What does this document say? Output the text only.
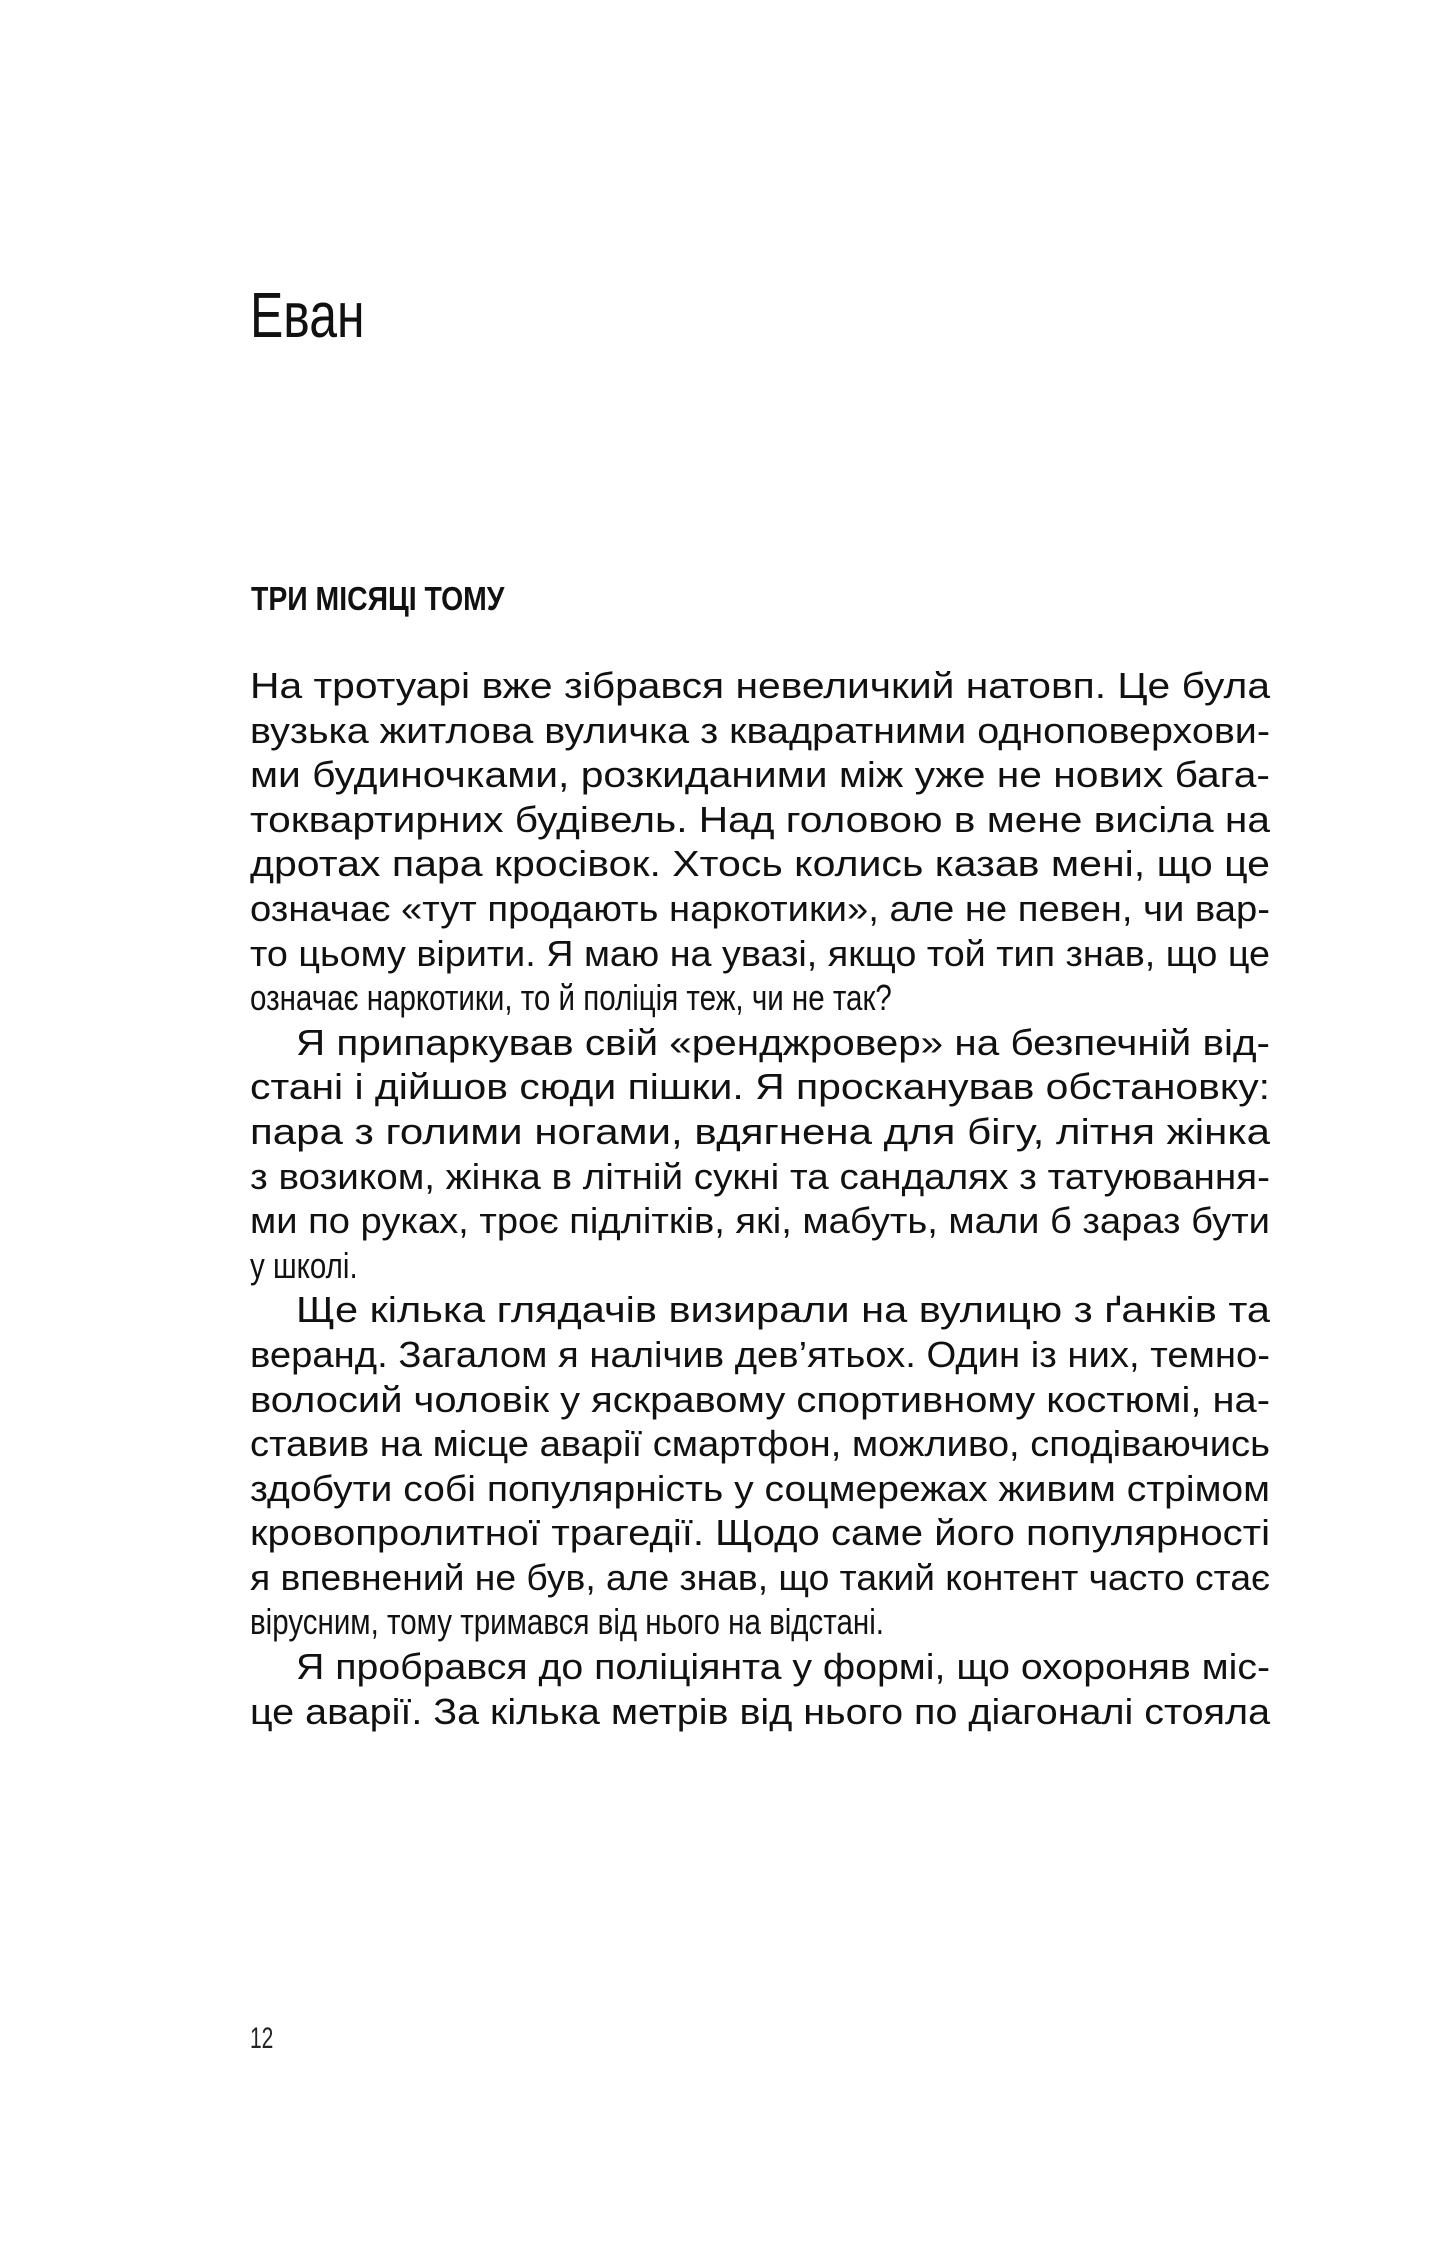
Еван
ТРИ МІСЯЦІ ТОМУ
На тротуарі вже зібрався невеличкий натовп. Це була
вузька житлова вуличка з квадратними одноповерхови-
ми будиночками, розкиданими між уже не нових бага-
токвартирних будівель. Над головою в мене висіла на
дротах пара кросівок. Хтось колись казав мені, що це
означає «тут продають наркотики», але не певен, чи вар-
то цьому вірити. Я маю на увазі, якщо той тип знав, що це
означає наркотики, то й поліція теж, чи не так?
Я припаркував свій «ренджровер» на безпечній від-
стані і дійшов сюди пішки. Я просканував обстановку:
пара з голими ногами, вдягнена для бігу, літня жінка
з возиком, жінка в літній сукні та сандалях з татуювання-
ми по руках, троє підлітків, які, мабуть, мали б зараз бути
у школі.
Ще кілька глядачів визирали на вулицю з ґанків та
веранд. Загалом я налічив дев’ятьох. Один із них, темно-
волосий чоловік у яскравому спортивному костюмі, на-
ставив на місце аварії смартфон, можливо, сподіваючись
здобути собі популярність у соцмережах живим стрімом
кровопролитної трагедії. Щодо саме його популярності
я впевнений не був, але знав, що такий контент часто стає
вірусним, тому тримався від нього на відстані.
Я пробрався до поліціянта у формі, що охороняв міс-
це аварії. За кілька метрів від нього по діагоналі стояла
12
